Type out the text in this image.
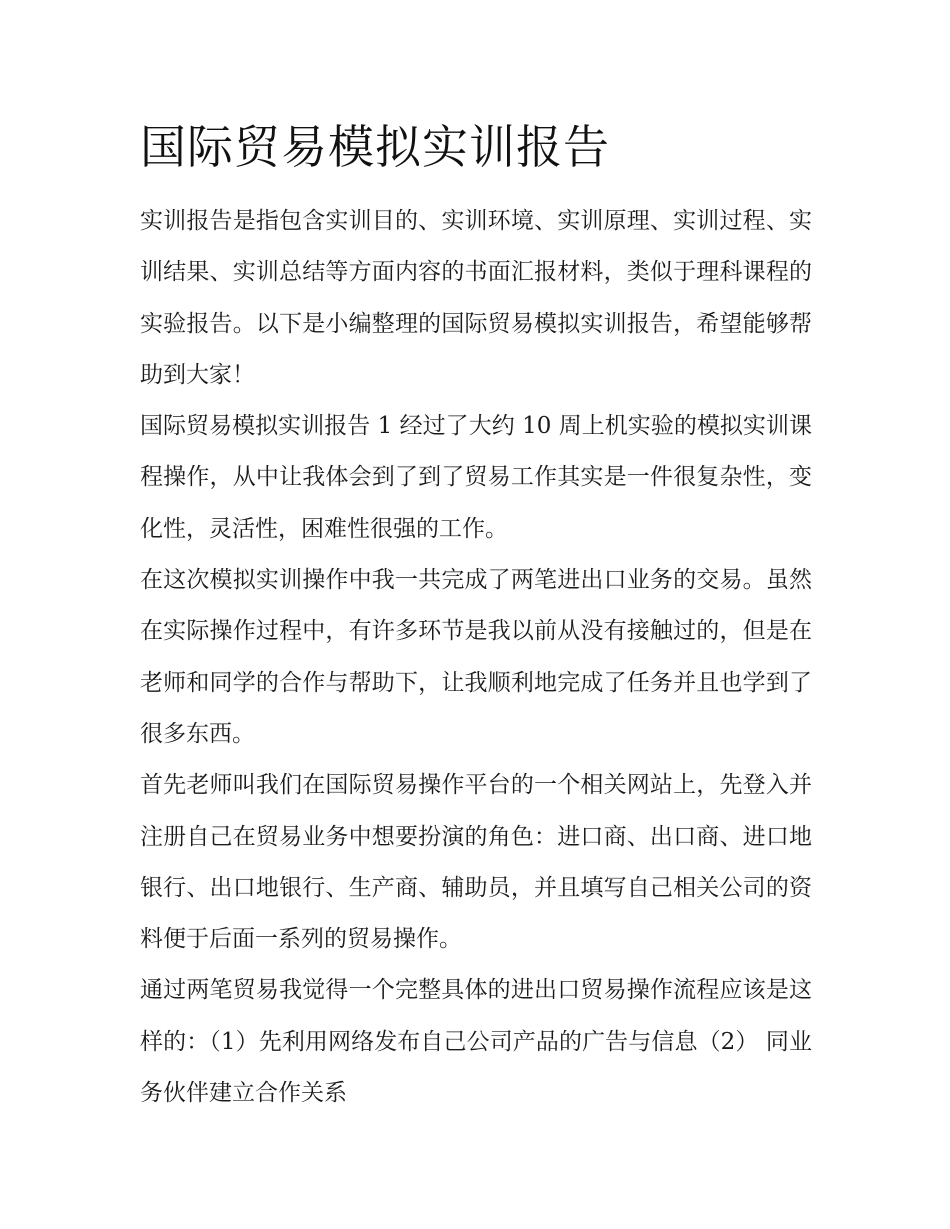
国际贸易模拟实训报告

实训报告是指包含实训目的、实训环境、实训原理、实训过程、实训结果、实训总结等方面内容的书面汇报材料，类似于理科课程的实验报告。以下是小编整理的国际贸易模拟实训报告，希望能够帮助到大家！

国际贸易模拟实训报告 1 经过了大约 10 周上机实验的模拟实训课程操作，从中让我体会到了到了贸易工作其实是一件很复杂性，变化性，灵活性，困难性很强的工作。

在这次模拟实训操作中我一共完成了两笔进出口业务的交易。虽然在实际操作过程中，有许多环节是我以前从没有接触过的，但是在老师和同学的合作与帮助下，让我顺利地完成了任务并且也学到了很多东西。

首先老师叫我们在国际贸易操作平台的一个相关网站上，先登入并注册自己在贸易业务中想要扮演的角色：进口商、出口商、进口地银行、出口地银行、生产商、辅助员，并且填写自己相关公司的资料便于后面一系列的贸易操作。

通过两笔贸易我觉得一个完整具体的进出口贸易操作流程应该是这样的：（1）先利用网络发布自己公司产品的广告与信息（2） 同业务伙伴建立合作关系
